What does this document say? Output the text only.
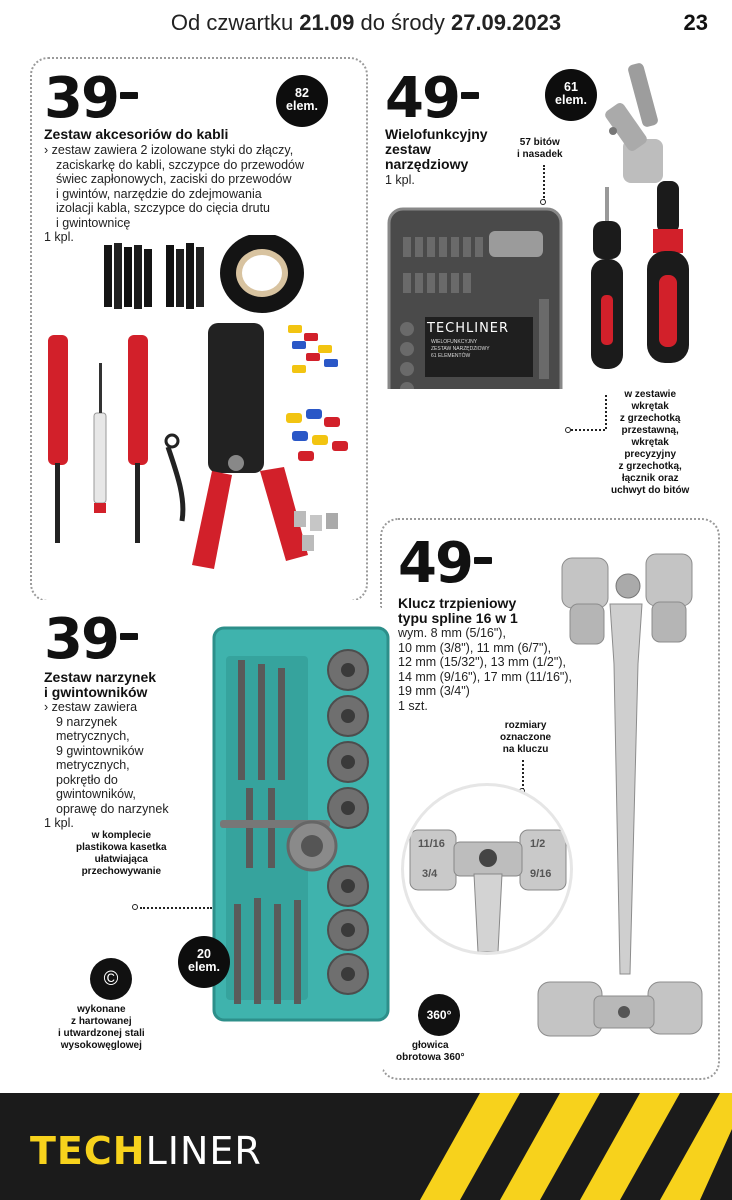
Od czwartku 21.09 do środy 27.09.2023	23
39	82
elem.
Zestaw akcesoriów do kabli
› zestaw zawiera 2 izolowane styki do złączy,
zaciskarkę do kabli, szczypce do przewodów
świec zapłonowych, zaciski do przewodów
i gwintów, narzędzie do zdejmowania
izolacji kabla, szczypce do cięcia drutu
i gwintownicę
1 kpl.
49	61
elem.
Wielofunkcyjny
zestaw
narzędziowy
1 kpl.
57 bitów
i nasadek
TECHLINER
WIELOFUNKCYJNY
ZESTAW NARZĘDZIOWY
61 ELEMENTÓW
w zestawie
wkrętak
z grzechotką
przestawną,
wkrętak
precyzyjny
z grzechotką,
łącznik oraz
uchwyt do bitów
49
Klucz trzpieniowy
typu spline 16 w 1
wym. 8 mm (5/16"),
10 mm (3/8"), 11 mm (6/7"),
12 mm (15/32"), 13 mm (1/2"),
14 mm (9/16"), 17 mm (11/16"),
19 mm (3/4")
1 szt.
rozmiary
oznaczone
na kluczu
11/16	1/2
3/4	9/16
360°
głowica
obrotowa 360°
39
Zestaw narzynek
i gwintowników
› zestaw zawiera
9 narzynek
metrycznych,
9 gwintowników
metrycznych,
pokrętło do
gwintowników,
oprawę do narzynek
1 kpl.
w komplecie
plastikowa kasetka
ułatwiająca
przechowywanie
20
elem.
©
wykonane
z hartowanej
i utwardzonej stali
wysokowęglowej
TECHLINER
